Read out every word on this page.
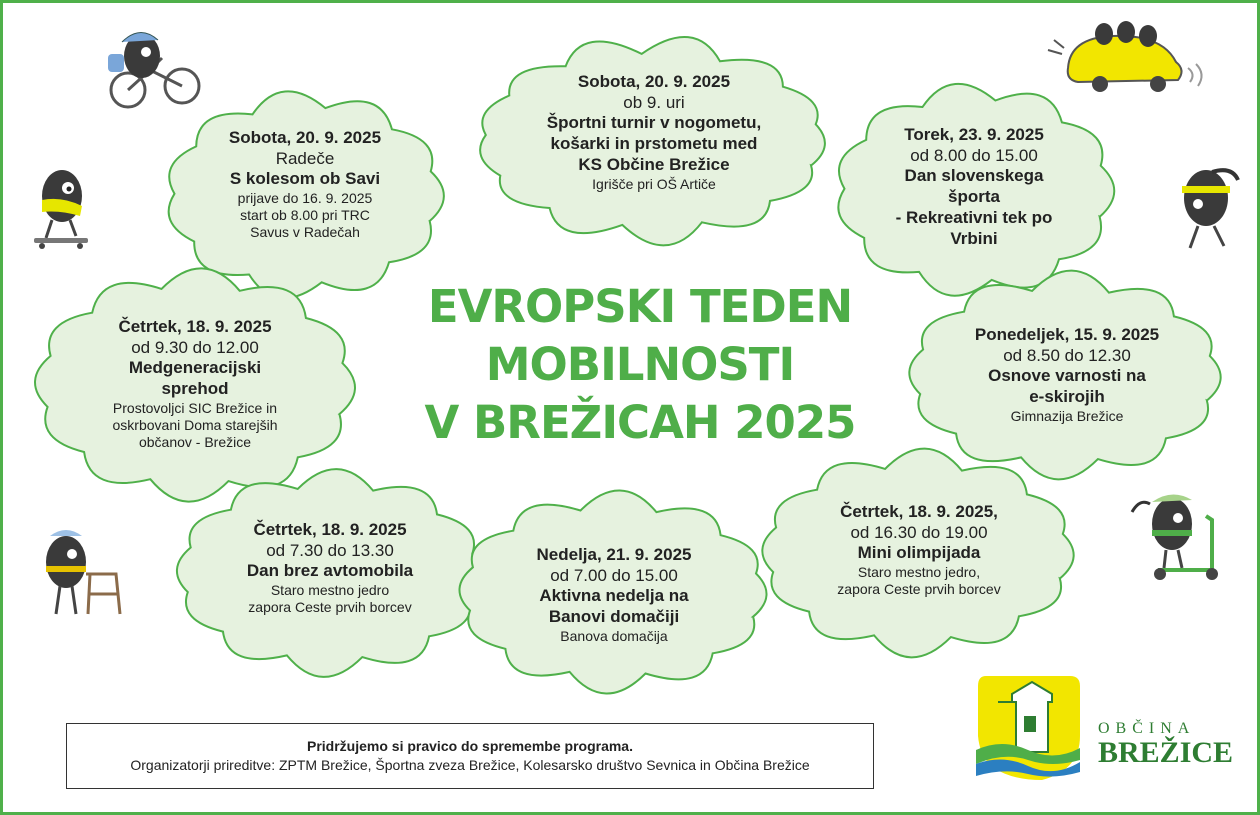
Sobota, 20. 9. 2025
Radeče
S kolesom ob Savi
prijave do 16. 9. 2025
start ob 8.00 pri TRC
Savus v Radečah
Sobota, 20. 9. 2025
ob 9. uri
Športni turnir v nogometu,
košarki in prstometu med
KS Občine Brežice
Igrišče pri OŠ Artiče
Torek, 23. 9. 2025
od 8.00 do 15.00
Dan slovenskega
športa
- Rekreativni tek po
Vrbini
Ponedeljek, 15. 9. 2025
od 8.50 do 12.30
Osnove varnosti na
e-skirojih
Gimnazija Brežice
Četrtek, 18. 9. 2025
od 9.30 do 12.00
Medgeneracijski
sprehod
Prostovoljci SIC Brežice in
oskrbovani Doma starejših
občanov - Brežice
Četrtek, 18. 9. 2025
od 7.30 do 13.30
Dan brez avtomobila
Staro mestno jedro
zapora Ceste prvih borcev
Nedelja, 21. 9. 2025
od 7.00 do 15.00
Aktivna nedelja na
Banovi domačiji
Banova domačija
Četrtek, 18. 9. 2025,
od 16.30 do 19.00
Mini olimpijada
Staro mestno jedro,
zapora Ceste prvih borcev
EVROPSKI TEDEN
MOBILNOSTI
V BREŽICAH 2025
Pridržujemo si pravico do spremembe programa.
Organizatorji prireditve: ZPTM Brežice, Športna zveza Brežice, Kolesarsko društvo Sevnica in Občina Brežice
OBČINA
BREŽICE
